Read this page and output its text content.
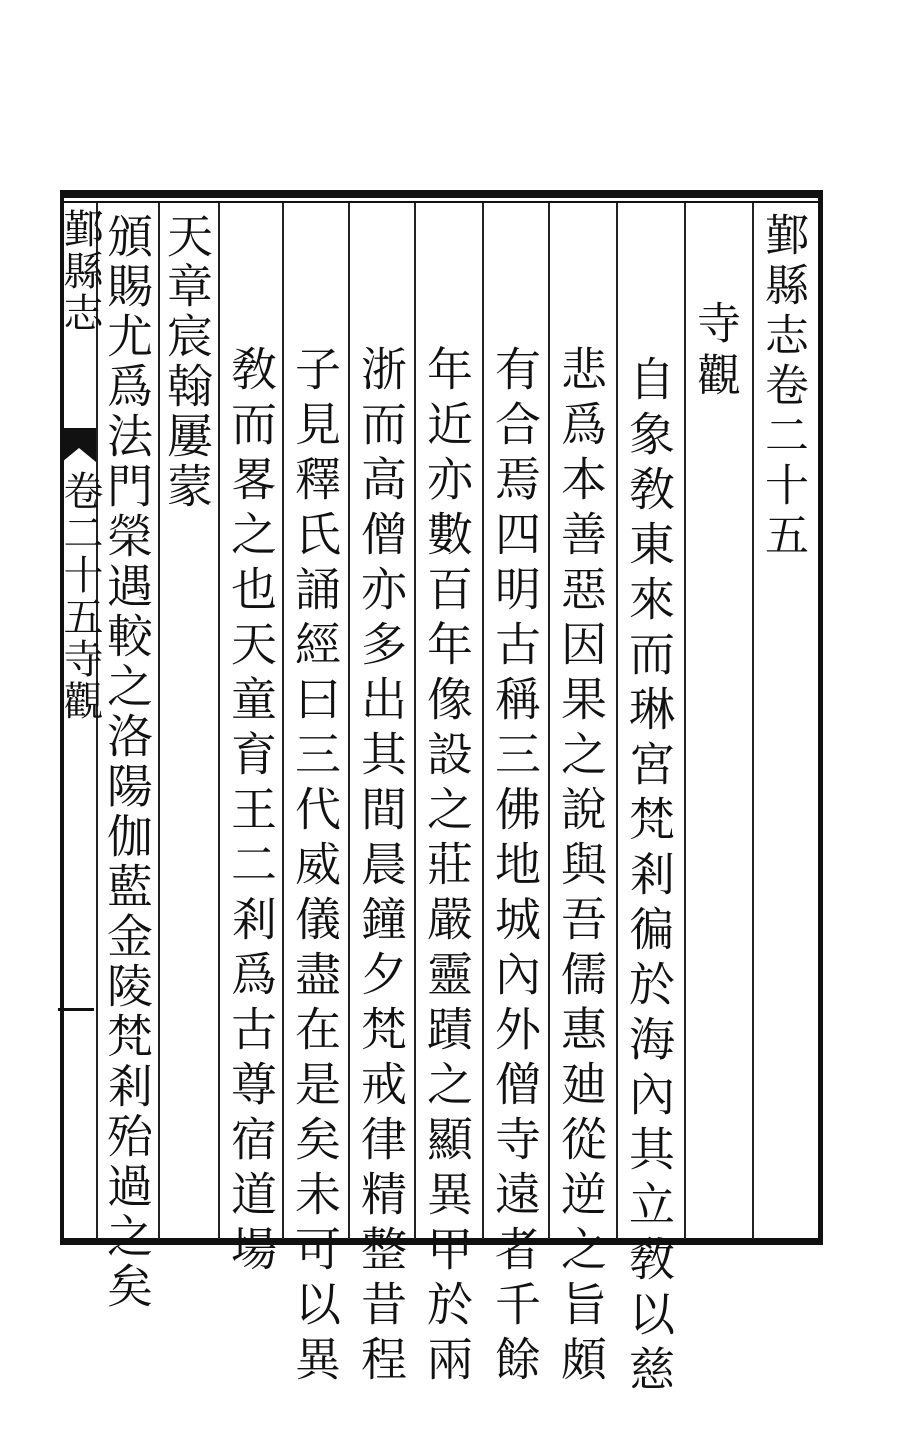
鄞縣志卷二十五
寺觀
自象敎東來而琳宮梵剎徧於海內其立敎以慈
悲爲本善惡因果之說與吾儒惠廸從逆之旨頗
有合焉四明古稱三佛地城內外僧寺遠者千餘
年近亦數百年像設之莊嚴靈蹟之顯異甲於兩
浙而高僧亦多出其間晨鐘夕梵戒律精整昔程
子見釋氏誦經曰三代威儀盡在是矣未可以異
敎而畧之也天童育王二剎爲古尊宿道場
天章宸翰屢蒙
頒賜尤爲法門榮遇較之洛陽伽藍金陵梵剎殆過之矣
鄞縣志
卷二十五寺觀
